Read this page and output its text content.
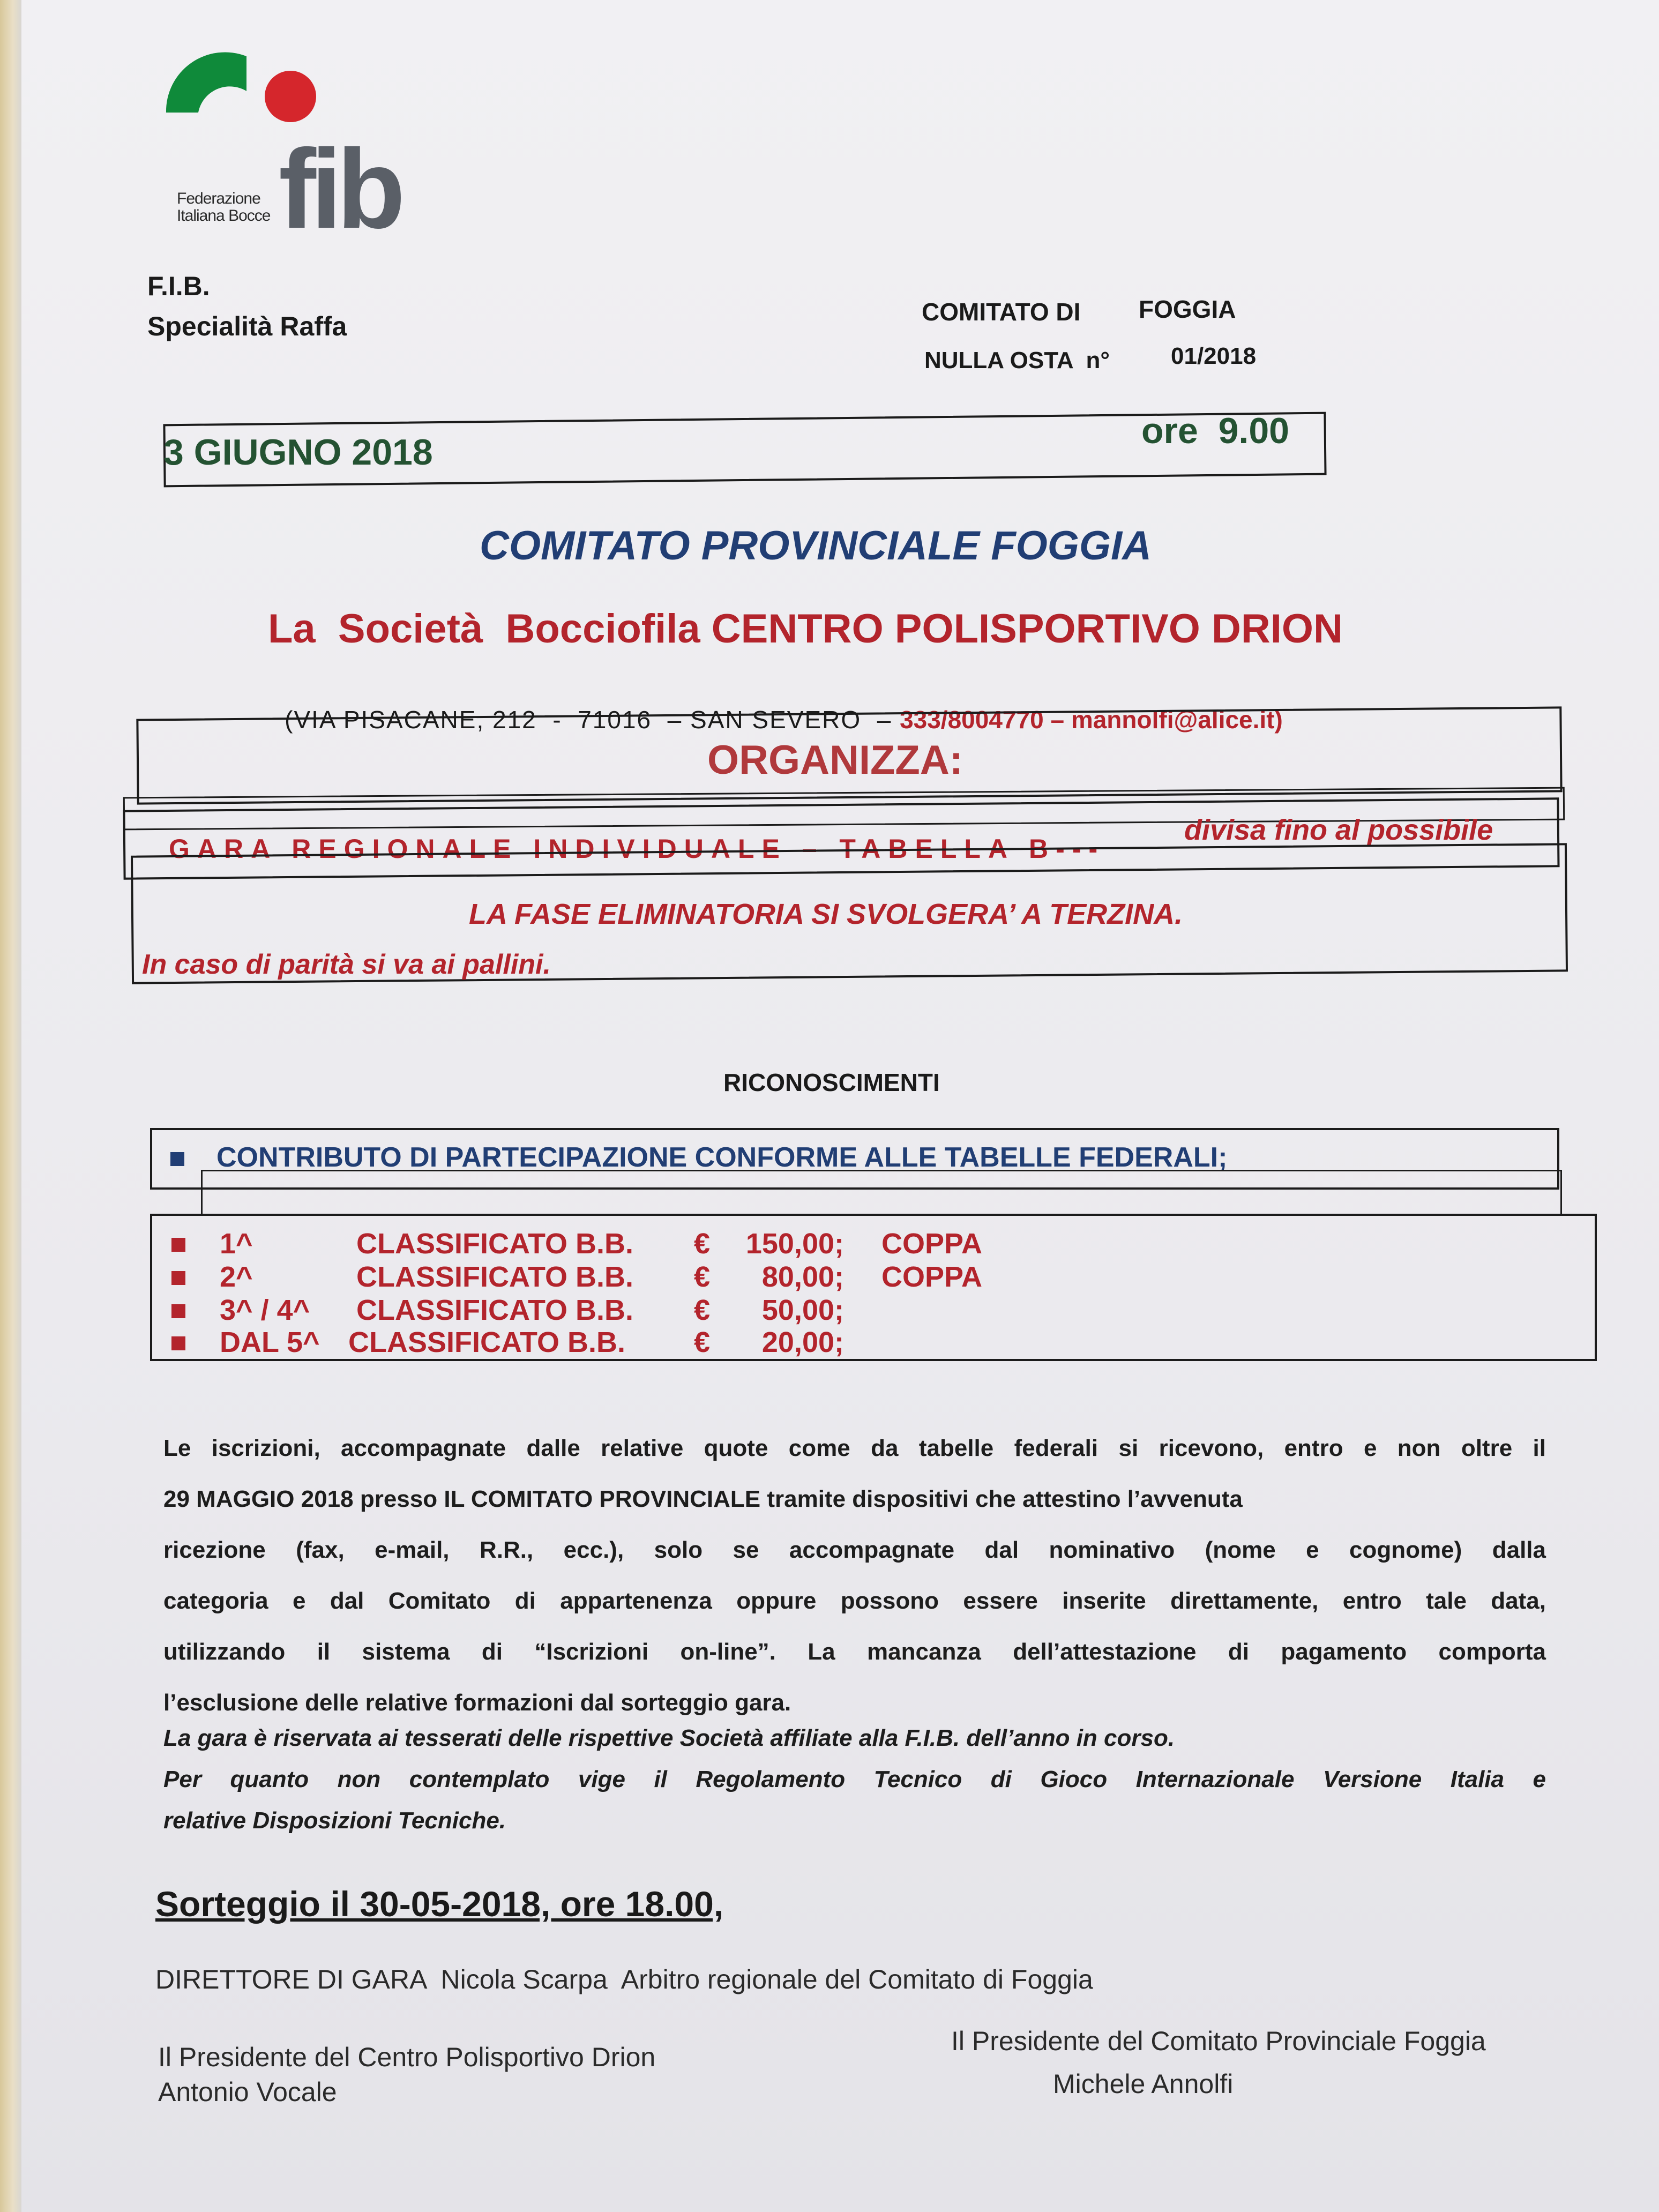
fib
Federazione
Italiana Bocce
F.I.B.
Specialità Raffa	COMITATO DI FOGGIA
NULLA OSTA  n°	01/2018
3 GIUGNO 2018
ore  9.00
COMITATO PROVINCIALE FOGGIA
La  Società  Bocciofila CENTRO POLISPORTIVO DRION

(VIA PISACANE, 212  -  71016  – SAN SEVERO  – 333/8004770 – mannolfi@alice.it)

ORGANIZZA:
GARA REGIONALE INDIVIDUALE – TABELLA B---
divisa fino al possibile
LA FASE ELIMINATORIA SI SVOLGERA’ A TERZINA.
In caso di parità si va ai pallini.
RICONOSCIMENTI
CONTRIBUTO DI PARTECIPAZIONE CONFORME ALLE TABELLE FEDERALI;
1^	CLASSIFICATO B.B. € 150,00; COPPA
2^	CLASSIFICATO B.B. € 80,00; COPPA
3^ / 4^ CLASSIFICATO B.B. € 50,00;
DAL 5^ CLASSIFICATO B.B. € 20,00;

Le iscrizioni, accompagnate dalle relative quote come da tabelle federali si ricevono, entro e non oltre il

29 MAGGIO 2018 presso IL COMITATO PROVINCIALE tramite dispositivi che attestino l’avvenuta

ricezione (fax, e-mail, R.R., ecc.), solo se accompagnate dal nominativo (nome e cognome) dalla

categoria e dal Comitato di appartenenza oppure possono essere inserite direttamente, entro tale data,

utilizzando il sistema di “Iscrizioni on-line”. La mancanza dell’attestazione di pagamento comporta

l’esclusione delle relative formazioni dal sorteggio gara.

La gara è riservata ai tesserati delle rispettive Società affiliate alla F.I.B. dell’anno in corso.

Per quanto non contemplato vige il Regolamento Tecnico di Gioco Internazionale Versione Italia e

relative Disposizioni Tecniche.

Sorteggio il 30-05-2018, ore 18.00,
DIRETTORE DI GARA  Nicola Scarpa  Arbitro regionale del Comitato di Foggia
Il Presidente del Centro Polisportivo Drion
Antonio Vocale
Il Presidente del Comitato Provinciale Foggia
Michele Annolfi
